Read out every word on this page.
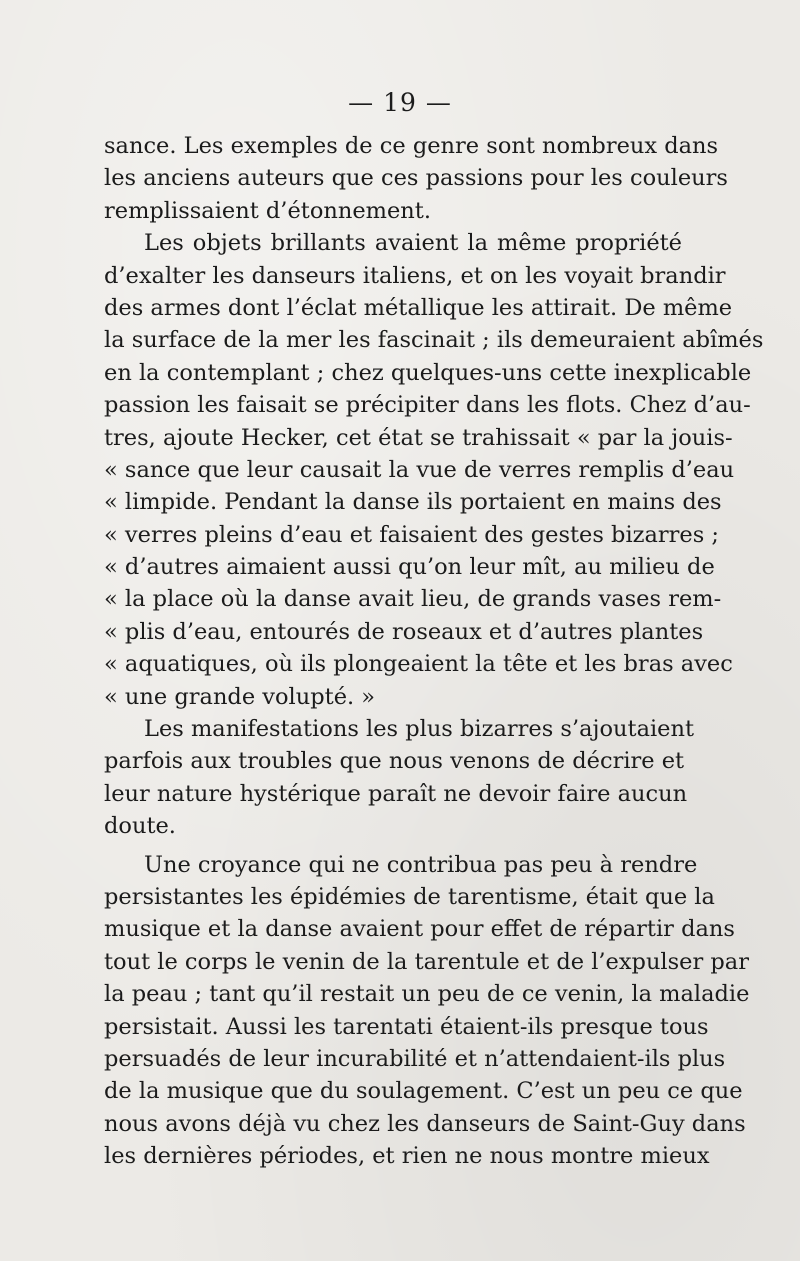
— 19 —
sance. Les exemples de ce genre sont nombreux dans
les anciens auteurs que ces passions pour les couleurs
remplissaient d’étonnement.
Les objets brillants avaient la même propriété
d’exalter les danseurs italiens, et on les voyait brandir
des armes dont l’éclat métallique les attirait. De même
la surface de la mer les fascinait ; ils demeuraient abîmés
en la contemplant ; chez quelques-uns cette inexplicable
passion les faisait se précipiter dans les flots. Chez d’au-
tres, ajoute Hecker, cet état se trahissait « par la jouis-
« sance que leur causait la vue de verres remplis d’eau
« limpide. Pendant la danse ils portaient en mains des
« verres pleins d’eau et faisaient des gestes bizarres ;
« d’autres aimaient aussi qu’on leur mît, au milieu de
« la place où la danse avait lieu, de grands vases rem-
« plis d’eau, entourés de roseaux et d’autres plantes
« aquatiques, où ils plongeaient la tête et les bras avec
« une grande volupté. »
Les manifestations les plus bizarres s’ajoutaient
parfois aux troubles que nous venons de décrire et
leur nature hystérique paraît ne devoir faire aucun
doute.
Une croyance qui ne contribua pas peu à rendre
persistantes les épidémies de tarentisme, était que la
musique et la danse avaient pour effet de répartir dans
tout le corps le venin de la tarentule et de l’expulser par
la peau ; tant qu’il restait un peu de ce venin, la maladie
persistait. Aussi les tarentati étaient-ils presque tous
persuadés de leur incurabilité et n’attendaient-ils plus
de la musique que du soulagement. C’est un peu ce que
nous avons déjà vu chez les danseurs de Saint-Guy dans
les dernières périodes, et rien ne nous montre mieux
